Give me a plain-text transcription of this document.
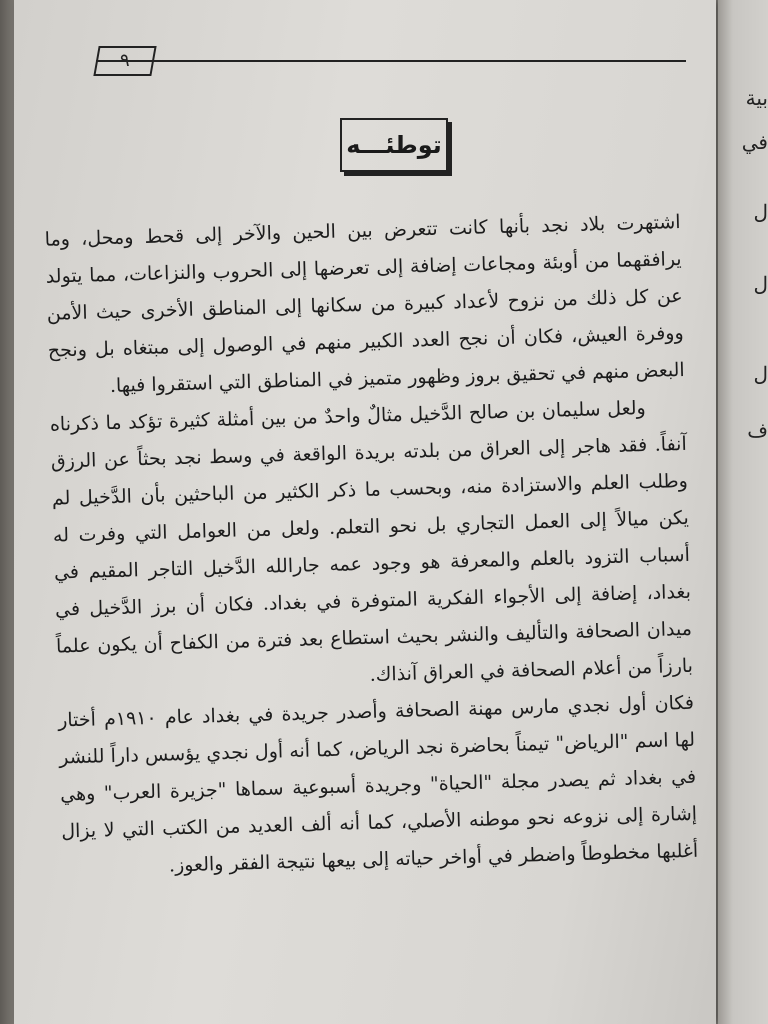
٩
توطئـــه

اشتهرت بلاد نجد بأنها كانت تتعرض بين الحين والآخر إلى قحط ومحل، وما يرافقهما من أوبئة ومجاعات إضافة إلى تعرضها إلى الحروب والنزاعات، مما يتولد عن كل ذلك من نزوح لأعداد كبيرة من سكانها إلى المناطق الأخرى حيث الأمن ووفرة العيش، فكان أن نجح العدد الكبير منهم في الوصول إلى مبتغاه بل ونجح البعض منهم في تحقيق بروز وظهور متميز في المناطق التي استقروا فيها.

ولعل سليمان بن صالح الدَّخيل مثالٌ واحدٌ من بين أمثلة كثيرة تؤكد ما ذكرناه آنفاً. فقد هاجر إلى العراق من بلدته بريدة الواقعة في وسط نجد بحثاً عن الرزق وطلب العلم والاستزادة منه، وبحسب ما ذكر الكثير من الباحثين بأن الدَّخيل لم يكن ميالاً إلى العمل التجاري بل نحو التعلم. ولعل من العوامل التي وفرت له أسباب التزود بالعلم والمعرفة هو وجود عمه جارالله الدَّخيل التاجر المقيم في بغداد، إضافة إلى الأجواء الفكرية المتوفرة في بغداد. فكان أن برز الدَّخيل في ميدان الصحافة والتأليف والنشر بحيث استطاع بعد فترة من الكفاح أن يكون علماً بارزاً من أعلام الصحافة في العراق آنذاك.

فكان أول نجدي مارس مهنة الصحافة وأصدر جريدة في بغداد عام ١٩١٠م أختار لها اسم "الرياض" تيمناً بحاضرة نجد الرياض، كما أنه أول نجدي يؤسس داراً للنشر في بغداد ثم يصدر مجلة "الحياة" وجريدة أسبوعية سماها "جزيرة العرب" وهي إشارة إلى نزوعه نحو موطنه الأصلي، كما أنه ألف العديد من الكتب التي لا يزال أغلبها مخطوطاً واضطر في أواخر حياته إلى بيعها نتيجة الفقر والعوز.

بية
في
ل
ل
ل
ف
